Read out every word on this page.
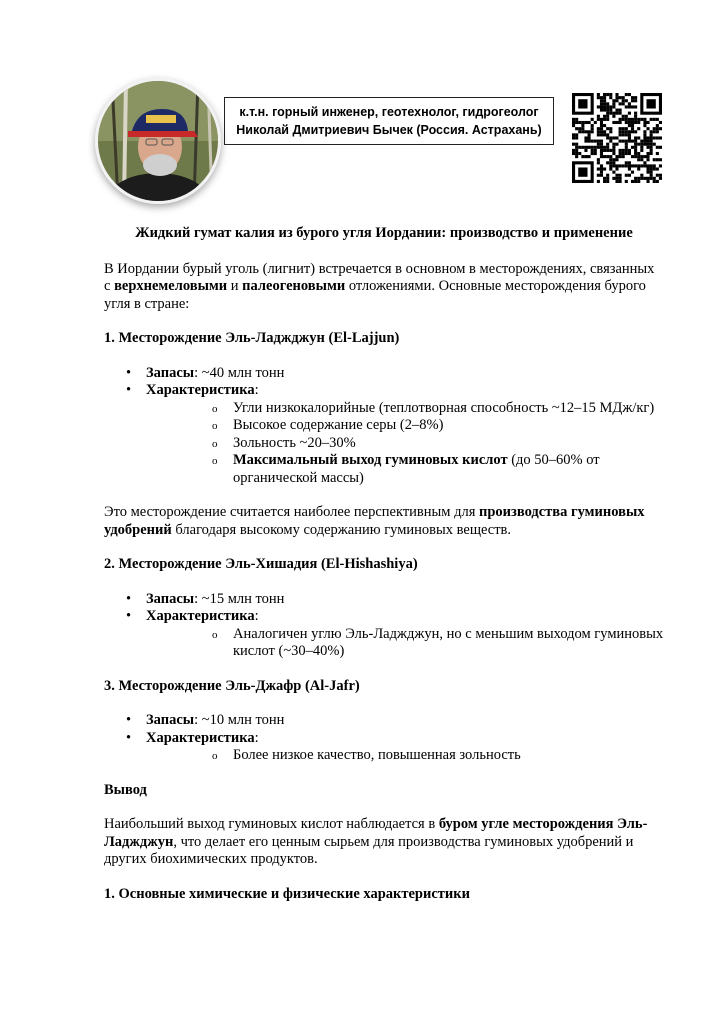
к.т.н. горный инженер, геотехнолог, гидрогеолог
Николай Дмитриевич Бычек (Россия. Астрахань)
Жидкий гумат калия из бурого угля Иордании: производство и применение

В Иордании бурый уголь (лигнит) встречается в основном в месторождениях, связанных с верхнемеловыми и палеогеновыми отложениями. Основные месторождения бурого угля в стране:

1. Месторождение Эль-Ладжджун (El-Lajjun)
• Запасы: ~40 млн тонн
• Характеристика:
o Угли низкокалорийные (теплотворная способность ~12–15 МДж/кг)
o Высокое содержание серы (2–8%)
o Зольность ~20–30%
o Максимальный выход гуминовых кислот (до 50–60% от органической массы)

Это месторождение считается наиболее перспективным для производства гуминовых удобрений благодаря высокому содержанию гуминовых веществ.

2. Месторождение Эль-Хишадия (El-Hishashiya)
• Запасы: ~15 млн тонн
• Характеристика:
o Аналогичен углю Эль-Ладжджун, но с меньшим выходом гуминовых кислот (~30–40%)
3. Месторождение Эль-Джафр (Al-Jafr)
• Запасы: ~10 млн тонн
• Характеристика:
o Более низкое качество, повышенная зольность
Вывод

Наибольший выход гуминовых кислот наблюдается в буром угле месторождения Эль-Ладжджун, что делает его ценным сырьем для производства гуминовых удобрений и других биохимических продуктов.

1. Основные химические и физические характеристики
